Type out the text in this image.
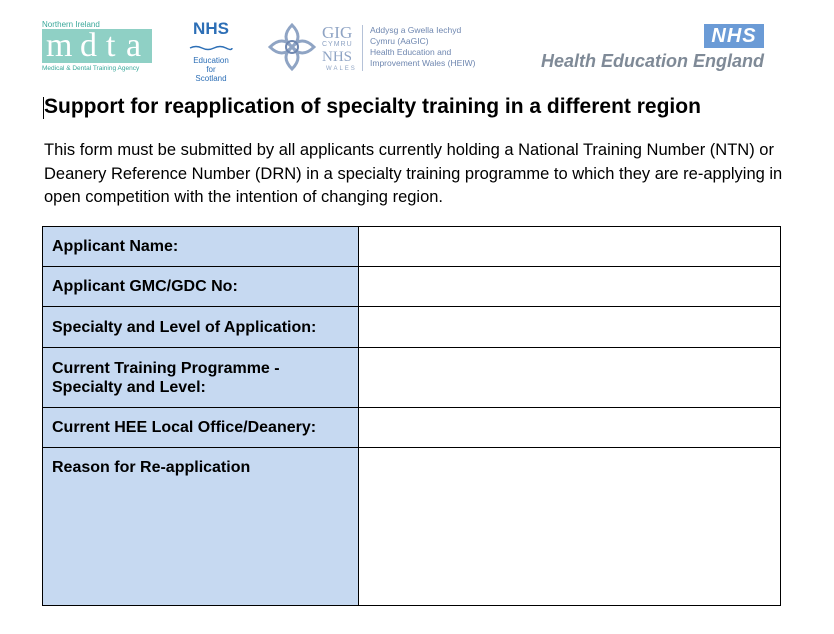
Northern Ireland
m d t a
Medical & Dental Training Agency
NHS
Education
for
Scotland
GIG
CYMRU
NHS
WALES
Addysg a Gwella Iechyd
Cymru (AaGIC)
Health Education and
Improvement Wales (HEIW)
NHS
Health Education England
Support for reapplication of specialty training in a different region
This form must be submitted by all applicants currently holding a National Training Number (NTN) or Deanery Reference Number (DRN) in a specialty training programme to which they are re-applying in open competition with the intention of changing region.
Applicant Name:	
Applicant GMC/GDC No:	
Specialty and Level of Application:	

Current Training Programme -
Specialty and Level:	

Current HEE Local Office/Deanery:	
Reason for Re-application	
